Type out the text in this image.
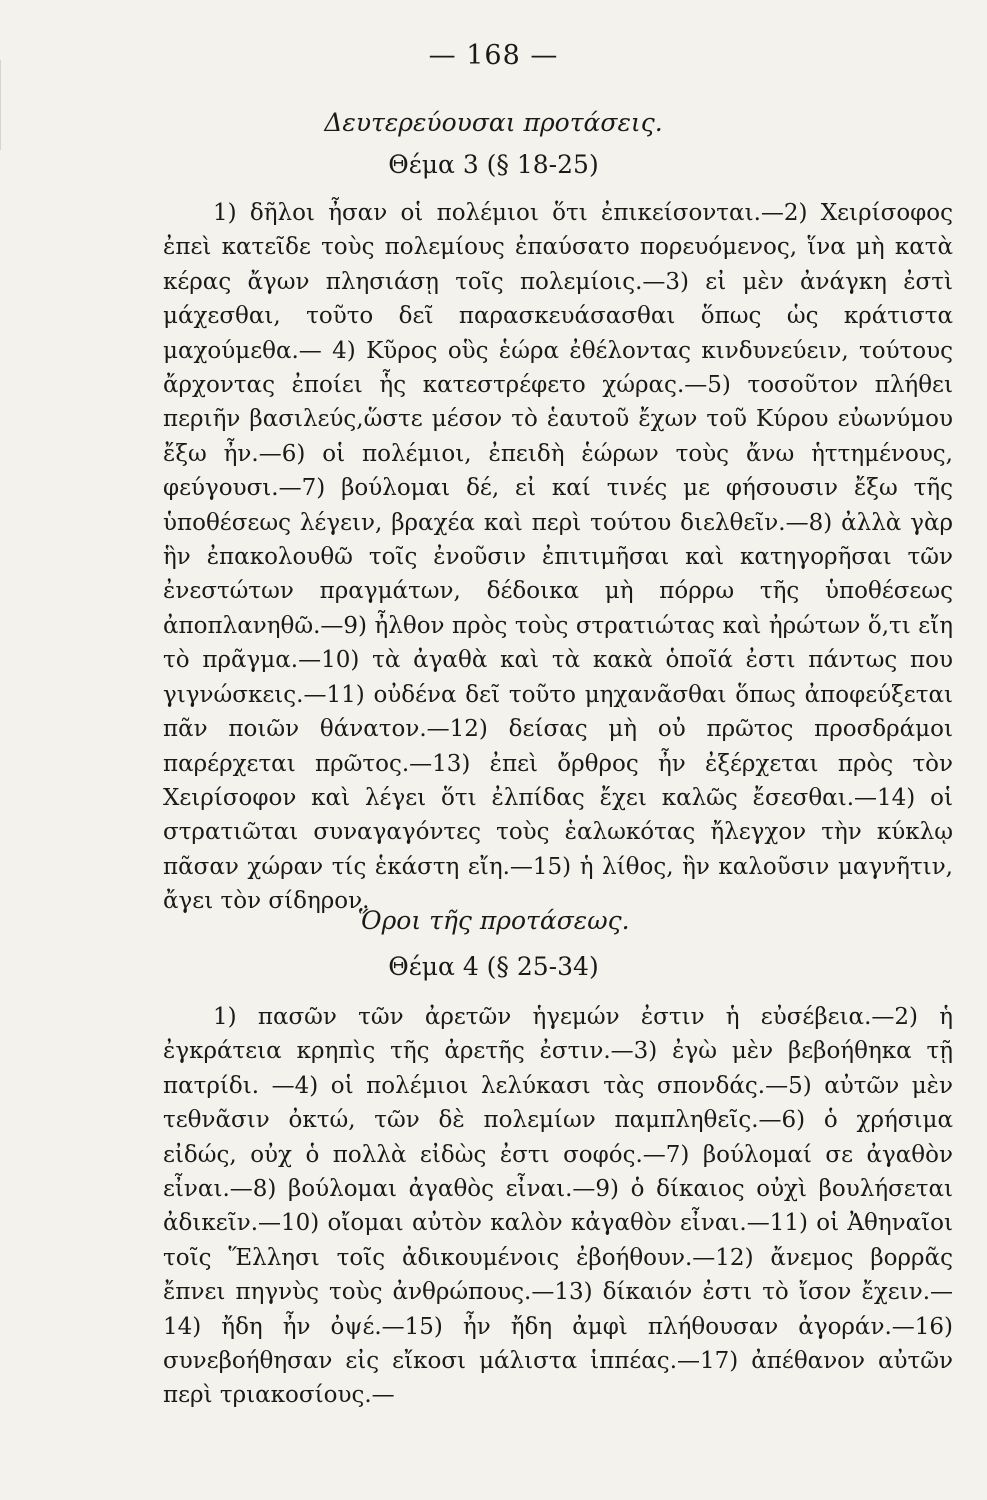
— 168 —
Δευτερεύουσαι προτάσεις.
Θέμα 3 (§ 18-25)

1) δῆλοι ἦσαν οἱ πολέμιοι ὅτι ἐπικείσονται.—2) Χειρίσοφος ἐπεὶ κατεῖδε τοὺς πολεμίους ἐπαύσατο πορευόμενος, ἵνα μὴ κατὰ κέρας ἄγων πλησιάσῃ τοῖς πολεμίοις.—3) εἰ μὲν ἀνάγκη ἐστὶ μάχεσθαι, τοῦτο δεῖ παρασκευάσασθαι ὅπως ὡς κράτιστα μαχούμεθα.— 4) Κῦρος οὓς ἑώρα ἐθέλοντας κινδυνεύειν, τούτους ἄρχοντας ἐποίει ἧς κατεστρέφετο χώρας.—5) τοσοῦτον πλήθει περιῆν βασιλεύς,ὥστε μέσον τὸ ἑαυτοῦ ἔχων τοῦ Κύρου εὐωνύμου ἔξω ἦν.—6) οἱ πολέμιοι, ἐπειδὴ ἑώρων τοὺς ἄνω ἡττημένους, φεύγουσι.—7) βούλομαι δέ, εἰ καί τινές με φήσουσιν ἔξω τῆς ὑποθέσεως λέγειν, βραχέα καὶ περὶ τούτου διελθεῖν.—8) ἀλλὰ γὰρ ἣν ἐπακολουθῶ τοῖς ἐνοῦσιν ἐπιτιμῆσαι καὶ κατηγορῆσαι τῶν ἐνεστώτων πραγμάτων, δέδοικα μὴ πόρρω τῆς ὑποθέσεως ἀποπλανηθῶ.—9) ἦλθον πρὸς τοὺς στρατιώτας καὶ ἠρώτων ὅ,τι εἴη τὸ πρᾶγμα.—10) τὰ ἀγαθὰ καὶ τὰ κακὰ ὁποῖά ἐστι πάντως που γιγνώσκεις.—11) οὐδένα δεῖ τοῦτο μηχανᾶσθαι ὅπως ἀποφεύξεται πᾶν ποιῶν θάνατον.—12) δείσας μὴ οὐ πρῶτος προσδράμοι παρέρχεται πρῶτος.—13) ἐπεὶ ὄρθρος ἦν ἐξέρχεται πρὸς τὸν Χειρίσοφον καὶ λέγει ὅτι ἐλπίδας ἔχει καλῶς ἔσεσθαι.—14) οἱ στρατιῶται συναγαγόντες τοὺς ἑαλωκότας ἤλεγχον τὴν κύκλῳ πᾶσαν χώραν τίς ἑκάστη εἴη.—15) ἡ λίθος, ἣν καλοῦσιν μαγνῆτιν, ἄγει τὸν σίδηρον.

Ὅροι τῆς προτάσεως.
Θέμα 4 (§ 25-34)

1) πασῶν τῶν ἀρετῶν ἡγεμών ἐστιν ἡ εὐσέβεια.—2) ἡ ἐγκράτεια κρηπὶς τῆς ἀρετῆς ἐστιν.—3) ἐγὼ μὲν βεβοήθηκα τῇ πατρίδι. —4) οἱ πολέμιοι λελύκασι τὰς σπονδάς.—5) αὐτῶν μὲν τεθνᾶσιν ὀκτώ, τῶν δὲ πολεμίων παμπληθεῖς.—6) ὁ χρήσιμα εἰδώς, οὐχ ὁ πολλὰ εἰδὼς ἐστι σοφός.—7) βούλομαί σε ἀγαθὸν εἶναι.—8) βούλομαι ἀγαθὸς εἶναι.—9) ὁ δίκαιος οὐχὶ βουλήσεται ἀδικεῖν.—10) οἴομαι αὐτὸν καλὸν κἀγαθὸν εἶναι.—11) οἱ Ἀθηναῖοι τοῖς Ἕλλησι τοῖς ἀδικουμένοις ἐβοήθουν.—12) ἄνεμος βορρᾶς ἔπνει πηγνὺς τοὺς ἀνθρώπους.—13) δίκαιόν ἐστι τὸ ἴσον ἔχειν.—14) ἤδη ἦν ὀψέ.—15) ἦν ἤδη ἀμφὶ πλήθουσαν ἀγοράν.—16) συνεβοήθησαν εἰς εἴκοσι μάλιστα ἱππέας.—17) ἀπέθανον αὐτῶν περὶ τριακοσίους.—
